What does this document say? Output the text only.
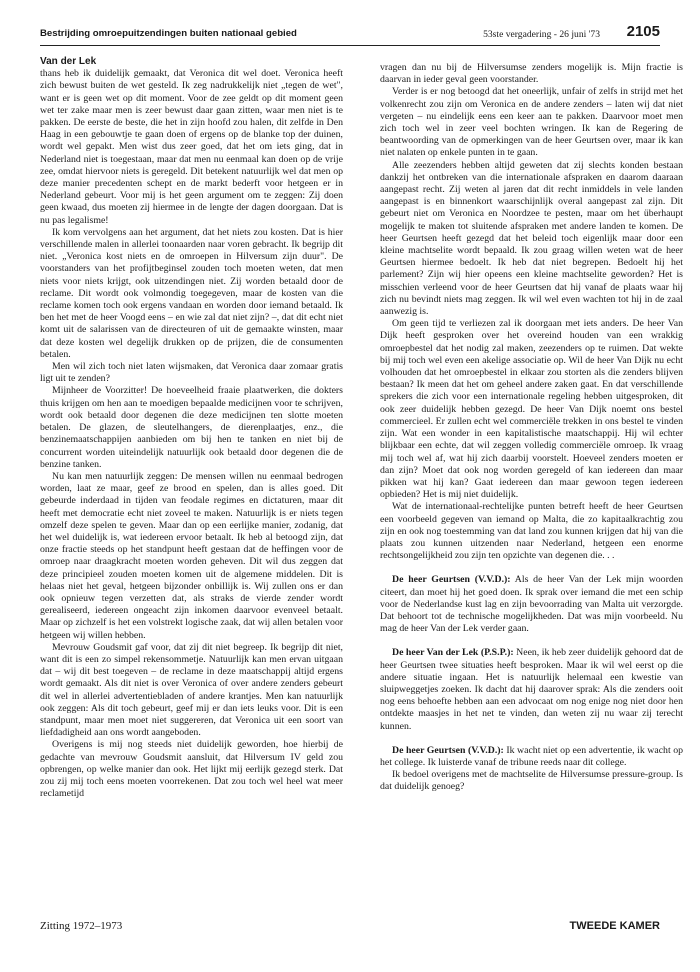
Bestrijding omroepuitzendingen buiten nationaal gebied	53ste vergadering - 26 juni '73 2105

Van der Lek

thans heb ik duidelijk gemaakt, dat Veronica dit wel doet. Veronica heeft zich bewust buiten de wet gesteld. Ik zeg nadrukkelijk niet „tegen de wet", want er is geen wet op dit moment. Voor de zee geldt op dit moment geen wet ter zake maar men is zeer bewust daar gaan zitten, waar men niet is te pakken. De eerste de beste, die het in zijn hoofd zou halen, dit zelfde in Den Haag in een gebouwtje te gaan doen of ergens op de blanke top der duinen, wordt wel gepakt. Men wist dus zeer goed, dat het om iets ging, dat in Nederland niet is toegestaan, maar dat men nu eenmaal kan doen op de vrije zee, omdat hiervoor niets is geregeld. Dit betekent natuurlijk wel dat men op deze manier precedenten schept en de markt bederft voor hetgeen er in Nederland gebeurt. Voor mij is het geen argument om te zeggen: Zij doen geen kwaad, dus moeten zij hiermee in de lengte der dagen doorgaan. Dat is nu pas legalisme!

Ik kom vervolgens aan het argument, dat het niets zou kosten. Dat is hier verschillende malen in allerlei toonaarden naar voren gebracht. Ik begrijp dit niet. „Veronica kost niets en de omroepen in Hilversum zijn duur". De voorstanders van het profijtbeginsel zouden toch moeten weten, dat men niets voor niets krijgt, ook uitzendingen niet. Zij worden betaald door de reclame. Dit wordt ook volmondig toegegeven, maar de kosten van die reclame komen toch ook ergens vandaan en worden door iemand betaald. Ik ben het met de heer Voogd eens – en wie zal dat niet zijn? –, dat dit echt niet komt uit de salarissen van de directeuren of uit de gemaakte winsten, maar dat deze kosten wel degelijk drukken op de prijzen, die de consumenten betalen.

Men wil zich toch niet laten wijsmaken, dat Veronica daar zomaar gratis ligt uit te zenden?

Mijnheer de Voorzitter! De hoeveelheid fraaie plaatwerken, die dokters thuis krijgen om hen aan te moedigen bepaalde medicijnen voor te schrijven, wordt ook betaald door degenen die deze medicijnen ten slotte moeten betalen. De glazen, de sleutelhangers, de dierenplaatjes, enz., die benzinemaatschappijen aanbieden om bij hen te tanken en niet bij de concurrent worden uiteindelijk natuurlijk ook betaald door degenen die de benzine tanken.

Nu kan men natuurlijk zeggen: De mensen willen nu eenmaal bedrogen worden, laat ze maar, geef ze brood en spelen, dan is alles goed. Dit gebeurde inderdaad in tijden van feodale regimes en dictaturen, maar dit heeft met democratie echt niet zoveel te maken. Natuurlijk is er niets tegen omzelf deze spelen te geven. Maar dan op een eerlijke manier, zodanig, dat het wel duidelijk is, wat iedereen ervoor betaalt. Ik heb al betoogd zijn, dat onze fractie steeds op het standpunt heeft gestaan dat de heffingen voor de omroep naar draagkracht moeten worden geheven. Dit wil dus zeggen dat deze principieel zouden moeten komen uit de algemene middelen. Dit is helaas niet het geval, hetgeen bijzonder onbillijk is. Wij zullen ons er dan ook opnieuw tegen verzetten dat, als straks de vierde zender wordt gerealiseerd, iedereen ongeacht zijn inkomen daarvoor evenveel betaalt. Maar op zichzelf is het een volstrekt logische zaak, dat wij allen betalen voor hetgeen wij willen hebben.

Mevrouw Goudsmit gaf voor, dat zij dit niet begreep. Ik begrijp dit niet, want dit is een zo simpel rekensommetje. Natuurlijk kan men ervan uitgaan dat – wij dit best toegeven – de reclame in deze maatschappij altijd ergens wordt gemaakt. Als dit niet is over Veronica of over andere zenders gebeurt dit wel in allerlei advertentiebladen of andere krantjes. Men kan natuurlijk ook zeggen: Als dit toch gebeurt, geef mij er dan iets leuks voor. Dit is een standpunt, maar men moet niet suggereren, dat Veronica uit een soort van liefdadigheid aan ons wordt aangeboden.

Overigens is mij nog steeds niet duidelijk geworden, hoe hierbij de gedachte van mevrouw Goudsmit aansluit, dat Hilversum IV geld zou opbrengen, op welke manier dan ook. Het lijkt mij eerlijk gezegd sterk. Dat zou zij mij toch eens moeten voorrekenen. Dat zou toch wel heel wat meer reclametijd

vragen dan nu bij de Hilversumse zenders mogelijk is. Mijn fractie is daarvan in ieder geval geen voorstander.

Verder is er nog betoogd dat het oneerlijk, unfair of zelfs in strijd met het volkenrecht zou zijn om Veronica en de andere zenders – laten wij dat niet vergeten – nu eindelijk eens een keer aan te pakken. Daarvoor moet men zich toch wel in zeer veel bochten wringen. Ik kan de Regering de beantwoording van de opmerkingen van de heer Geurtsen over, maar ik kan niet nalaten op enkele punten in te gaan.

Alle zeezenders hebben altijd geweten dat zij slechts konden bestaan dankzij het ontbreken van die internationale afspraken en daarom daaraan aangepast recht. Zij weten al jaren dat dit recht inmiddels in vele landen aangepast is en binnenkort waarschijnlijk overal aangepast zal zijn. Dit gebeurt niet om Veronica en Noordzee te pesten, maar om het überhaupt mogelijk te maken tot sluitende afspraken met andere landen te komen. De heer Geurtsen heeft gezegd dat het beleid toch eigenlijk maar door een kleine machtselite wordt bepaald. Ik zou graag willen weten wat de heer Geurtsen hiermee bedoelt. Ik heb dat niet begrepen. Bedoelt hij het parlement? Zijn wij hier opeens een kleine machtselite geworden? Het is misschien verleend voor de heer Geurtsen dat hij vanaf de plaats waar hij zich nu bevindt niets mag zeggen. Ik wil wel even wachten tot hij in de zaal aanwezig is.

Om geen tijd te verliezen zal ik doorgaan met iets anders. De heer Van Dijk heeft gesproken over het overeind houden van een wrakkig omroepbestel dat het nodig zal maken, zeezenders op te ruimen. Dat wekte bij mij toch wel even een akelige associatie op. Wil de heer Van Dijk nu echt volhouden dat het omroepbestel in elkaar zou storten als die zenders blijven bestaan? Ik meen dat het om geheel andere zaken gaat. En dat verschillende sprekers die zich voor een internationale regeling hebben uitgesproken, dit ook zeer duidelijk hebben gezegd. De heer Van Dijk noemt ons bestel commercieel. Er zullen echt wel commerciële trekken in ons bestel te vinden zijn. Wat een wonder in een kapitalistische maatschappij. Hij wil echter blijkbaar een echte, dat wil zeggen volledig commerciële omroep. Ik vraag mij toch wel af, wat hij zich daarbij voorstelt. Hoeveel zenders moeten er dan zijn? Moet dat ook nog worden geregeld of kan iedereen dan maar pikken wat hij kan? Gaat iedereen dan maar gewoon tegen iedereen opbieden? Het is mij niet duidelijk.

Wat de internationaal-rechtelijke punten betreft heeft de heer Geurtsen een voorbeeld gegeven van iemand op Malta, die zo kapitaalkrachtig zou zijn en ook nog toestemming van dat land zou kunnen krijgen dat hij van die plaats zou kunnen uitzenden naar Nederland, hetgeen een enorme rechtsongelijkheid zou zijn ten opzichte van degenen die. . .

De heer Geurtsen (V.V.D.): Als de heer Van der Lek mijn woorden citeert, dan moet hij het goed doen. Ik sprak over iemand die met een schip voor de Nederlandse kust lag en zijn bevoorrading van Malta uit verzorgde. Dat behoort tot de technische mogelijkheden. Dat was mijn voorbeeld. Nu mag de heer Van der Lek verder gaan.

De heer Van der Lek (P.S.P.): Neen, ik heb zeer duidelijk gehoord dat de heer Geurtsen twee situaties heeft besproken. Maar ik wil wel eerst op die andere situatie ingaan. Het is natuurlijk helemaal een kwestie van sluipweggetjes zoeken. Ik dacht dat hij daarover sprak: Als die zenders ooit nog eens behoefte hebben aan een advocaat om nog enige nog niet door hen ontdekte maasjes in het net te vinden, dan weten zij nu waar zij terecht kunnen.

De heer Geurtsen (V.V.D.): Ik wacht niet op een advertentie, ik wacht op het college. Ik luisterde vanaf de tribune reeds naar dit college.

Ik bedoel overigens met de machtselite de Hilversumse pressure-group. Is dat duidelijk genoeg?

Zitting 1972–1973	TWEEDE KAMER
